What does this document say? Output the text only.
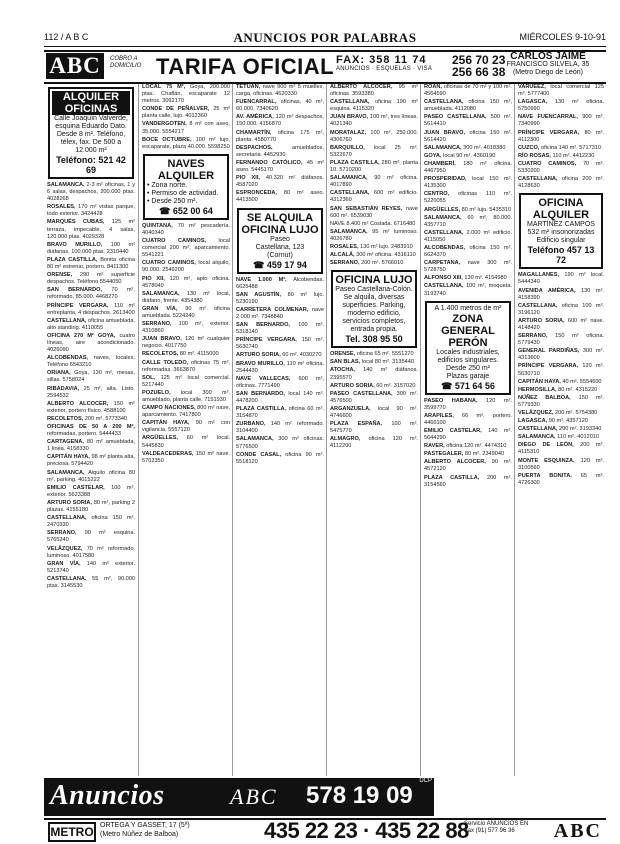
112 / A B C	ANUNCIOS POR PALABRAS	MIÉRCOLES 9-10-91
ABC	COBRO A DOMICILIO TARIFA OFICIAL FAX: 358 11 74
ANUNCIOS · ESQUELAS · VISA
256 70 23
256 66 38
CARLOS JAIME
FRANCISCO SILVELA, 35
(Metro Diego de León)
ALQUILER OFICINAS
Calle Joaquín Valverde, esquina Eduardo Dato.
Desde 8 m². Teléfono, télex, fax. De 500 a 12.000 m²
Teléfono: 521 42 69

SALAMANCA, 2-3 m² oficinas, 1 y 6 salas, despachos, 200.000 ptas. 4028268

ROSALES, 170 m² vistas parque, todo exterior. 3424428

MARQUÉS CUBAS, 125 m² terraza, impecable. 4 salas, 120.000 ptas. 4029328

BRAVO MURILLO, 100 m² diáfanas, 100.000 ptas. 2310440

PLAZA CASTILLA, Bonita oficina 80 m² estrenar, portero. 8411300

ORENSE, 290 m² superficie despachos. Teléfono 5544050

SAN BERNARDO, 70 m², reformado, 85.000. 4468270

PRÍNCIPE VERGARA, 110 m² entreplanta, 4 despachos. 2613400

CASTELLANA, oficina amueblada, alto standing. 4110055

OFICINA 270 M² GOYA, cuatro líneas, aire acondicionado. 4026090

ALCOBENDAS, naves, locales. Teléfono 6543210

ORIANA, Goya, 130 m², mesas, sillas. 5758024

RIBADAVIA, 25 m², alta. Listo. 2594532

ALBERTO ALCOCER, 150 m² exterior, portero físico. 4588100

RECOLETOS, 200 m². 5773340

OFICINAS DE 50 A 200 M², reformadas, portero. 5444433

CARTAGENA, 80 m² amueblada, 1 línea. 4158330

CAPITÁN HAYA, 98 m² planta alta, preciosa. 5794420

SALAMANCA, Alquilo oficina 80 m², parking. 4015222

EMILIO CASTELAR, 100 m², exterior. 5623388

ARTURO SORIA, 80 m², parking 2 plazas. 4155180

CASTELLANA, oficina 150 m². 2470330

SERRANO, 90 m² esquina. 5765240

VELÁZQUEZ, 70 m² reformado, luminoso. 4017580

GRAN VÍA, 140 m² exterior. 5213740

CASTELLANA, 55 m², 90.000 ptas. 3145530

LOCAL 75 M², Goya, 200.000 ptas. Chaflán, escaparate 12 metros. 3092170

CONDE DE PEÑALVER, 25 m² planta calle, lujo. 4012360

VANDERGOTEN, 8 m² con aseo, 35.000. 5554217

BOCE OCTUBRE, 100 m² lujo, escaparate, plaza 40.000. 5598250

NAVES ALQUILER
• Zona norte.
• Permiso de actividad.
• Desde 250 m².
☎ 652 00 64

QUINTANA, 70 m² pescadería. 4040340

CUATRO CAMINOS, local comercial 200 m², aparcamiento. 5541221

CUATRO CAMINOS, local alquilo, 90.000. 2549200

PIO XII, 120 m², apto oficina. 4578040

SALAMANCA, 130 m² local, diáfano, frente. 4354380

GRAN VÍA, 90 m² oficina amueblada. 5224240

SERRANO, 100 m², exterior. 4310860

JUAN BRAVO, 120 m² cualquier negocio. 4017750

RECOLETOS, 80 m². 4115000

CALLE TOLEDO, oficinas 75 m², reformadas. 3663870

SOL, 125 m² local comercial. 5217440

POZUELO, local 300 m², amueblado, planta calle. 7151930

CAMPO NACIONES, 800 m² nave, aparcamiento. 7417800

CAPITÁN HAYA, 90 m² con vigilancia. 5557120

ARGÜELLES, 60 m² local. 5445830

VALDEACEDERAS, 150 m² nave. 5702350

TETUÁN, nave 900 m² 5 muelles, carga, oficinas. 4620330

FUENCARRAL, oficinas, 40 m², 60.000. 7340620

AV. AMÉRICA, 120 m² despachos, 150.000. 4156870

CHAMARTÍN, oficina 175 m², planta. 4580770

DESPACHOS, amueblados, secretaria. 4452930

FERNANDO CATÓLICO, 45 m² aseo. 5445170

PIO XII, 40.320 m² diáfanos. 4587020

ESPRONCEDA, 80 m² aseo. 4413500

SE ALQUILA OFICINA LUJO
Paseo
Castellana, 123
(Cornut)
☎ 459 17 94

NAVE 1.000 M², Alcobendas. 6625488

SAN AGUSTÍN, 80 m² lujo. 5230190

CARRETERA COLMENAR, nave 2.000 m². 7348840

SAN BERNARDO, 100 m². 5318140

PRÍNCIPE VERGARA, 150 m². 5630740

ARTURO SORIA, 60 m². 4030270

BRAVO MURILLO, 110 m² oficina. 2544430

NAVE VALLECAS, 600 m², oficinas. 7771490

SAN BERNARDO, local 140 m². 4478200

PLAZA CASTILLA, oficina 60 m². 3154870

ZURBANO, 140 m² reformado. 3104400

SALAMANCA, 300 m² oficinas. 5776500

CONDE CASAL, oficina 90 m². 5518120

ALBERTO ALCOCER, 95 m² oficinas. 3593380

CASTELLANA, oficina 190 m² esquina. 4115320

JUAN BRAVO, 100 m², tres líneas. 4021340

MORATALAZ, 100 m², 250.000. 4306760

BARQUILLO, local 25 m². 5322670

PLAZA CASTILLA, 280 m², planta 10. 5710200

SALAMANCA, 90 m² oficina. 4017890

CASTELLANA, 600 m² edificio. 4312360

SAN SEBASTIÁN REYES, nave 600 m². 6539030

NAVE 8.400 m² Coslada. 6716480

SALAMANCA, 95 m² luminoso. 4026780

ROSALES, 130 m² lujo. 2483910

ALCALÁ, 300 m² oficina. 4316110

SERRANO, 200 m². 5766010

OFICINA LUJO
Paseo Castellana-Colón. Se alquila, diversas superficies. Parking, moderno edificio, servicios completos, entrada propia.
Tel. 308 95 50

ORENSE, oficina 65 m². 5551270

SAN BLAS, local 80 m². 3135440

ATOCHA, 140 m² diáfanos. 2395570

ARTURO SORIA, 60 m². 3157020

PASEO CASTELLANA, 300 m². 4576500

ARGANZUELA, local 90 m². 4746600

PLAZA ESPAÑA, 100 m². 5475770

ALMAGRO, oficina 120 m². 4112200

ROAN, oficinas de 70 m² y 100 m². 4564590

CASTELLANA, oficina 150 m², amueblada. 4112080

PASEO CASTELLANA, 500 m². 5614410

JUAN BRAVO, oficina 150 m². 5614420

SALAMANCA, 300 m². 4018380

GOYA, local 90 m². 4360190

CHAMBERÍ, 180 m² oficina. 4467950

PROSPERIDAD, local 150 m². 4135300

CENTRO, oficinas 110 m². 5220055

ARGÜELLES, 80 m² lujo. 5435310

SALAMANCA, 60 m², 80.000. 4357710

CASTELLANA, 2.000 m² edificio. 4115050

ALCOBENDAS, oficina 150 m². 6624370

CARPETANA, nave 300 m². 5728750

ALFONSO XIII, 130 m². 4154980

CASTELLANA, 100 m², moqueta. 3193740

A 1.400 metros de m²
ZONA GENERAL PERÓN
Locales industriales, edificios singulares.
Desde 250 m²
Plazas garaje
☎ 571 64 56

PASEO HABANA, 120 m². 3599770

ARAPILES, 66 m², portero. 4466100

EMILIO CASTELAR, 140 m². 5644290

RAVER, oficina 120 m². 4474310

PASTEGALER, 80 m². 2349040

ALBERTO ALCOCER, 90 m². 4572120

PLAZA CASTILLA, 200 m². 3154560

VARUEEZ, local comercial 125 m². 5777400

LAGASCA, 130 m² oficina. 5750990

NAVE FUENCARRAL, 900 m². 7340990

PRÍNCIPE VERGARA, 80 m². 4112300

CUZCO, oficina 140 m². 5717310

RÍO ROSAS, 110 m². 4412230

CUATRO CAMINOS, 70 m². 5330200

CASTELLANA, oficina 200 m². 4128630

OFICINA ALQUILER
MARTÍNEZ CAMPOS
532 m² insonorizadas
Edificio singular
Teléfono 457 13 72

MAGALLANES, 190 m² local. 5444340

AVENIDA AMÉRICA, 130 m². 4158390

CASTELLANA, oficina 100 m². 3196120

ARTURO SORIA, 600 m² nave. 4148420

SERRANO, 150 m² oficina. 5779430

GENERAL PARDIÑAS, 300 m². 4313600

PRÍNCIPE VERGARA, 120 m². 5630710

CAPITÁN HAYA, 40 m². 5554600

HERMOSILLA, 80 m². 4315220

NÚÑEZ BALBOA, 150 m². 5779330

VELÁZQUEZ, 200 m². 5754380

LAGASCA, 90 m². 4357120

CASTELLANA, 200 m². 3193340

SALAMANCA, 110 m². 4012010

DIEGO DE LEÓN, 200 m². 4115310

MONTE ESQUINZA, 120 m². 3100560

PUERTA BONITA, 65 m². 4726300

Anuncios	ABC 578 19 09
DCP
METRO ORTEGA Y GASSET, 17 (5ª)
(Metro Núñez de Balboa)	435 22 23 · 435 22 88
Servicio ANUNCIOS EN
Fax (91) 577 96 36	ABC
